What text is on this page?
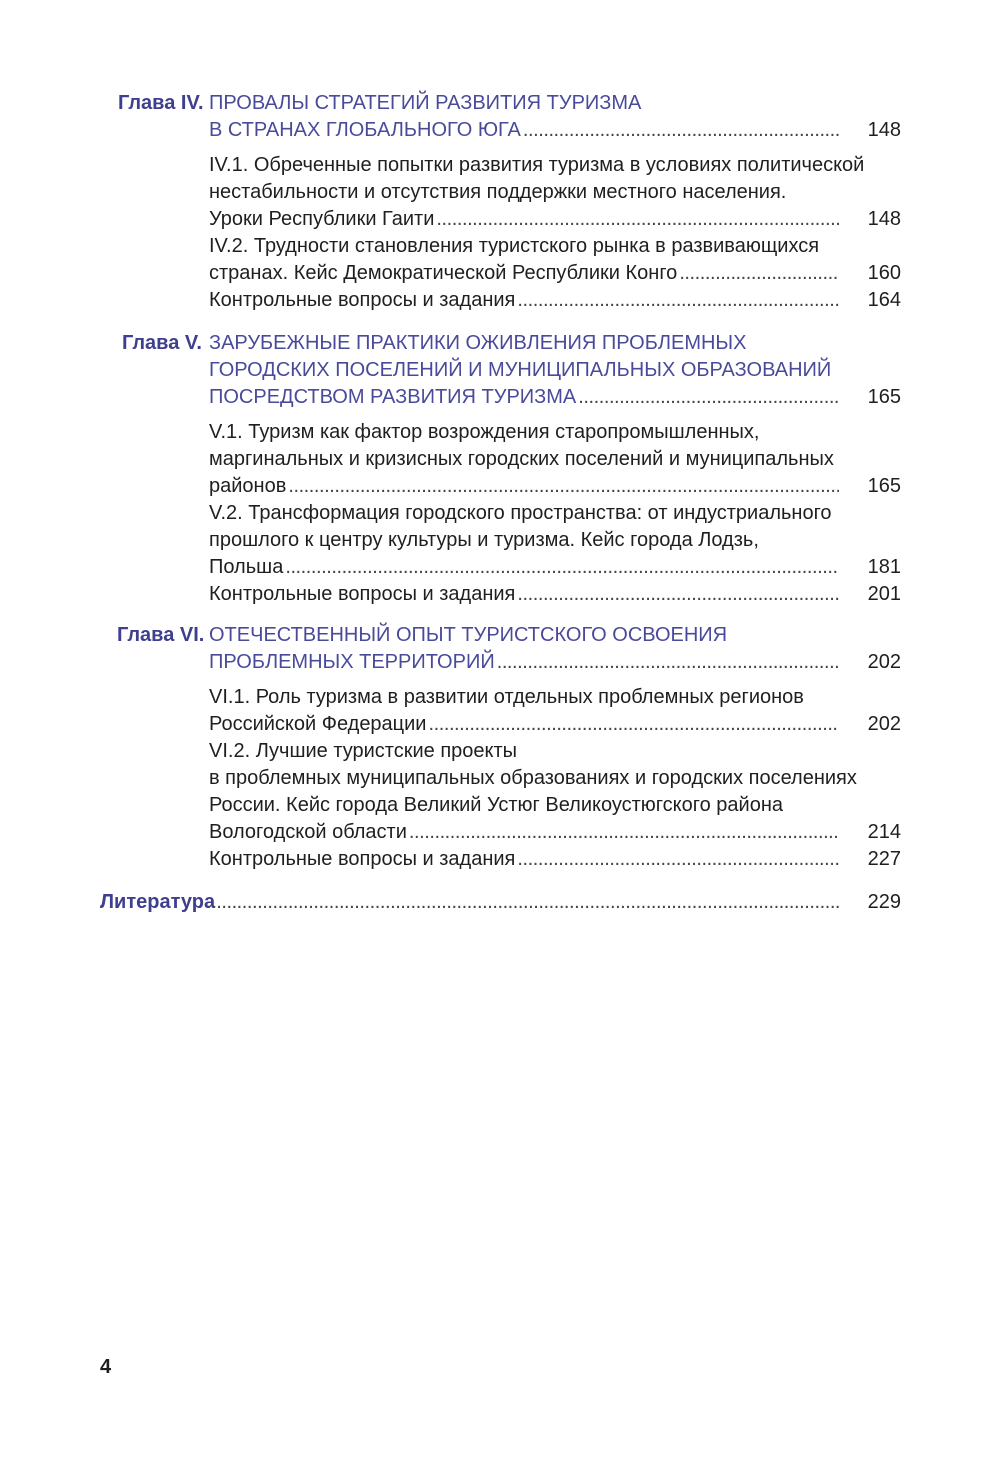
Глава IV. ПРОВАЛЫ СТРАТЕГИЙ РАЗВИТИЯ ТУРИЗМА
В СТРАНАХ ГЛОБАЛЬНОГО ЮГА . . .	148
IV.1. Обреченные попытки развития туризма в условиях политической
нестабильности и отсутствия поддержки местного населения.
Уроки Республики Гаити . . .	148
IV.2. Трудности становления туристского рынка в развивающихся
странах. Кейс Демократической Республики Конго . . .	160
Контрольные вопросы и задания . . .	164
Глава V. ЗАРУБЕЖНЫЕ ПРАКТИКИ ОЖИВЛЕНИЯ ПРОБЛЕМНЫХ
ГОРОДСКИХ ПОСЕЛЕНИЙ И МУНИЦИПАЛЬНЫХ ОБРАЗОВАНИЙ
ПОСРЕДСТВОМ РАЗВИТИЯ ТУРИЗМА . . .	165
V.1. Туризм как фактор возрождения старопромышленных,
маргинальных и кризисных городских поселений и муниципальных
районов . . .	165
V.2. Трансформация городского пространства: от индустриального
прошлого к центру культуры и туризма. Кейс города Лодзь,
Польша . . .	181
Контрольные вопросы и задания . . .	201
Глава VI. ОТЕЧЕСТВЕННЫЙ ОПЫТ ТУРИСТСКОГО ОСВОЕНИЯ
ПРОБЛЕМНЫХ ТЕРРИТОРИЙ . . .	202
VI.1. Роль туризма в развитии отдельных проблемных регионов
Российской Федерации . . .	202
VI.2. Лучшие туристские проекты
в проблемных муниципальных образованиях и городских поселениях
России. Кейс города Великий Устюг Великоустюгского района
Вологодской области . . .	214
Контрольные вопросы и задания . . .	227
Литература . . .	229
4
